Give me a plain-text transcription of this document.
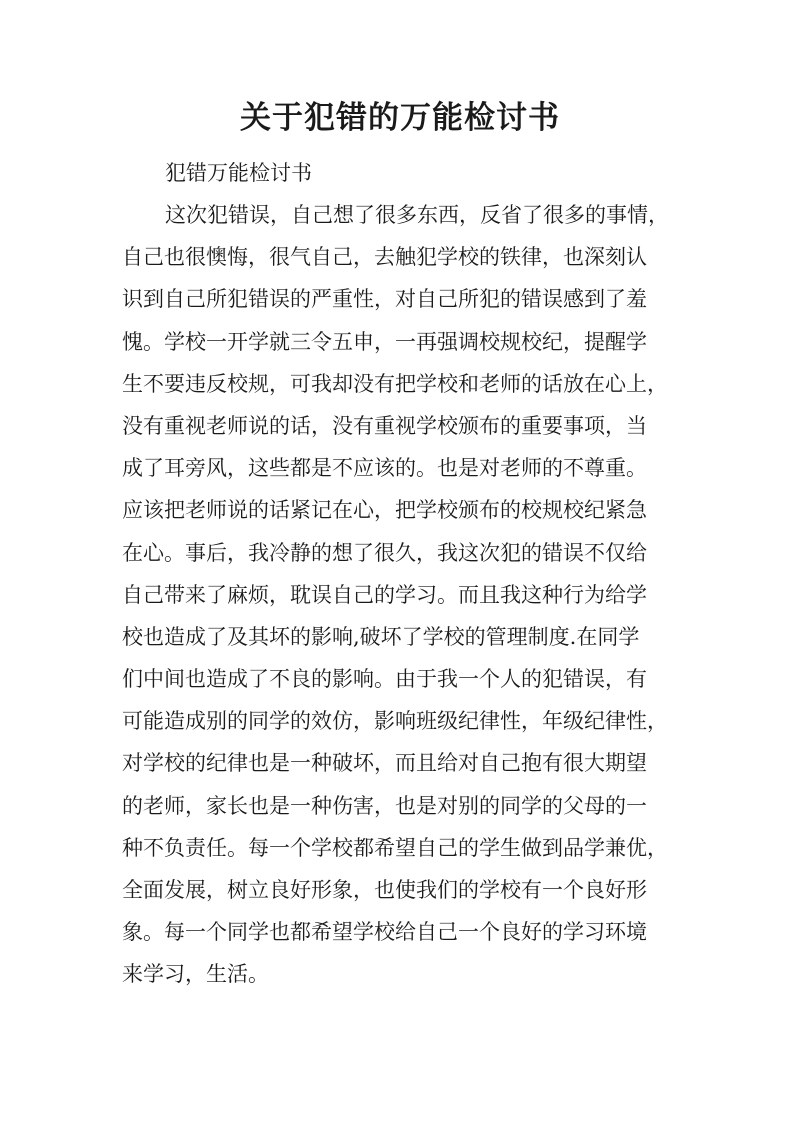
关于犯错的万能检讨书
犯错万能检讨书
这次犯错误，自己想了很多东西，反省了很多的事情，
自己也很懊悔，很气自己，去触犯学校的铁律，也深刻认
识到自己所犯错误的严重性，对自己所犯的错误感到了羞
愧。学校一开学就三令五申，一再强调校规校纪，提醒学
生不要违反校规，可我却没有把学校和老师的话放在心上，
没有重视老师说的话，没有重视学校颁布的重要事项，当
成了耳旁风，这些都是不应该的。也是对老师的不尊重。
应该把老师说的话紧记在心，把学校颁布的校规校纪紧急
在心。事后，我冷静的想了很久，我这次犯的错误不仅给
自己带来了麻烦，耽误自己的学习。而且我这种行为给学
校也造成了及其坏的影响,破坏了学校的管理制度.在同学
们中间也造成了不良的影响。由于我一个人的犯错误，有
可能造成别的同学的效仿，影响班级纪律性，年级纪律性，
对学校的纪律也是一种破坏，而且给对自己抱有很大期望
的老师，家长也是一种伤害，也是对别的同学的父母的一
种不负责任。每一个学校都希望自己的学生做到品学兼优，
全面发展，树立良好形象，也使我们的学校有一个良好形
象。每一个同学也都希望学校给自己一个良好的学习环境
来学习，生活。
